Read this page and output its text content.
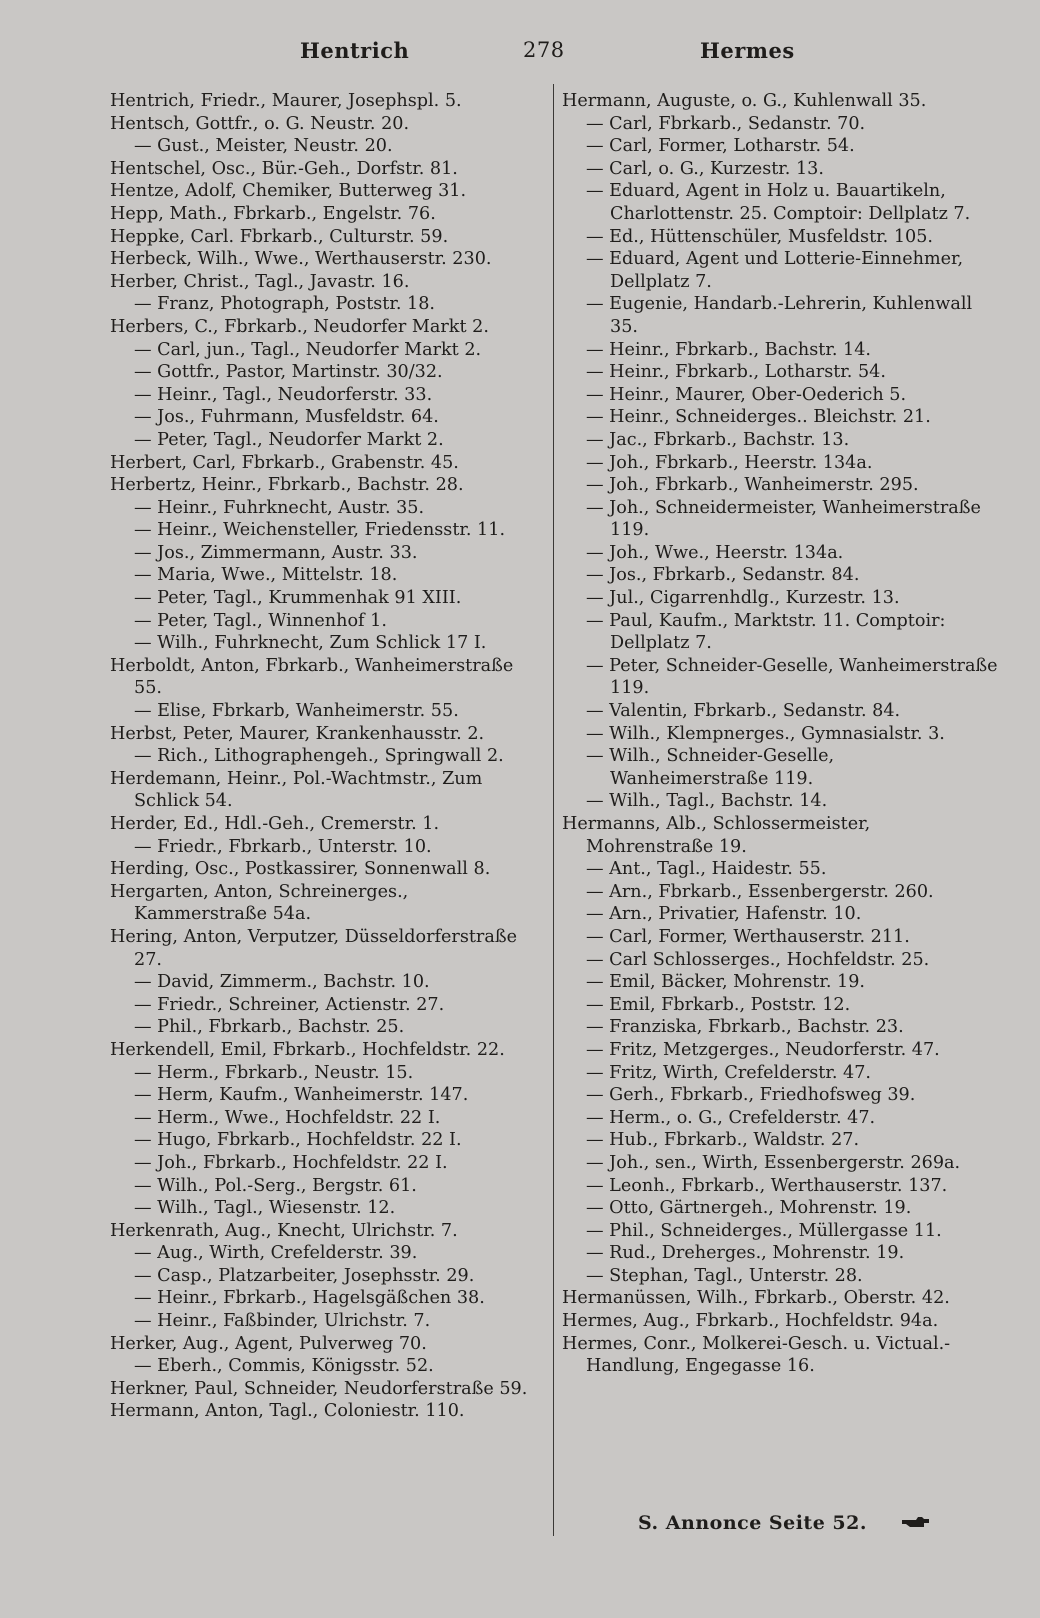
Hentrich	278	Hermes
Hentrich, Friedr., Maurer, Josephspl. 5.
Hentsch, Gottfr., o. G. Neustr. 20.
— Gust., Meister, Neustr. 20.
Hentschel, Osc., Bür.-Geh., Dorfstr. 81.
Hentze, Adolf, Chemiker, Butterweg 31.
Hepp, Math., Fbrkarb., Engelstr. 76.
Heppke, Carl. Fbrkarb., Culturstr. 59.
Herbeck, Wilh., Wwe., Werthauserstr. 230.
Herber, Christ., Tagl., Javastr. 16.
— Franz, Photograph, Poststr. 18.
Herbers, C., Fbrkarb., Neudorfer Markt 2.
— Carl, jun., Tagl., Neudorfer Markt 2.
— Gottfr., Pastor, Martinstr. 30/32.
— Heinr., Tagl., Neudorferstr. 33.
— Jos., Fuhrmann, Musfeldstr. 64.
— Peter, Tagl., Neudorfer Markt 2.
Herbert, Carl, Fbrkarb., Grabenstr. 45.
Herbertz, Heinr., Fbrkarb., Bachstr. 28.
— Heinr., Fuhrknecht, Austr. 35.
— Heinr., Weichensteller, Friedensstr. 11.
— Jos., Zimmermann, Austr. 33.
— Maria, Wwe., Mittelstr. 18.
— Peter, Tagl., Krummenhak 91 XIII.
— Peter, Tagl., Winnenhof 1.
— Wilh., Fuhrknecht, Zum Schlick 17 I.
Herboldt, Anton, Fbrkarb., Wanheimerstraße 55.
— Elise, Fbrkarb, Wanheimerstr. 55.
Herbst, Peter, Maurer, Krankenhausstr. 2.
— Rich., Lithographengeh., Springwall 2.
Herdemann, Heinr., Pol.-Wachtmstr., Zum Schlick 54.
Herder, Ed., Hdl.-Geh., Cremerstr. 1.
— Friedr., Fbrkarb., Unterstr. 10.
Herding, Osc., Postkassirer, Sonnenwall 8.
Hergarten, Anton, Schreinerges., Kammerstraße 54a.
Hering, Anton, Verputzer, Düsseldorferstraße 27.
— David, Zimmerm., Bachstr. 10.
— Friedr., Schreiner, Actienstr. 27.
— Phil., Fbrkarb., Bachstr. 25.
Herkendell, Emil, Fbrkarb., Hochfeldstr. 22.
— Herm., Fbrkarb., Neustr. 15.
— Herm, Kaufm., Wanheimerstr. 147.
— Herm., Wwe., Hochfeldstr. 22 I.
— Hugo, Fbrkarb., Hochfeldstr. 22 I.
— Joh., Fbrkarb., Hochfeldstr. 22 I.
— Wilh., Pol.-Serg., Bergstr. 61.
— Wilh., Tagl., Wiesenstr. 12.
Herkenrath, Aug., Knecht, Ulrichstr. 7.
— Aug., Wirth, Crefelderstr. 39.
— Casp., Platzarbeiter, Josephsstr. 29.
— Heinr., Fbrkarb., Hagelsgäßchen 38.
— Heinr., Faßbinder, Ulrichstr. 7.
Herker, Aug., Agent, Pulverweg 70.
— Eberh., Commis, Königsstr. 52.
Herkner, Paul, Schneider, Neudorferstraße 59.
Hermann, Anton, Tagl., Coloniestr. 110.
Hermann, Auguste, o. G., Kuhlenwall 35.
— Carl, Fbrkarb., Sedanstr. 70.
— Carl, Former, Lotharstr. 54.
— Carl, o. G., Kurzestr. 13.
— Eduard, Agent in Holz u. Bauartikeln, Charlottenstr. 25. Comptoir: Dellplatz 7.
— Ed., Hüttenschüler, Musfeldstr. 105.
— Eduard, Agent und Lotterie-Einnehmer, Dellplatz 7.
— Eugenie, Handarb.-Lehrerin, Kuhlenwall 35.
— Heinr., Fbrkarb., Bachstr. 14.
— Heinr., Fbrkarb., Lotharstr. 54.
— Heinr., Maurer, Ober-Oederich 5.
— Heinr., Schneiderges.. Bleichstr. 21.
— Jac., Fbrkarb., Bachstr. 13.
— Joh., Fbrkarb., Heerstr. 134a.
— Joh., Fbrkarb., Wanheimerstr. 295.
— Joh., Schneidermeister, Wanheimerstraße 119.
— Joh., Wwe., Heerstr. 134a.
— Jos., Fbrkarb., Sedanstr. 84.
— Jul., Cigarrenhdlg., Kurzestr. 13.
— Paul, Kaufm., Marktstr. 11. Comptoir: Dellplatz 7.
— Peter, Schneider-Geselle, Wanheimerstraße 119.
— Valentin, Fbrkarb., Sedanstr. 84.
— Wilh., Klempnerges., Gymnasialstr. 3.
— Wilh., Schneider-Geselle, Wanheimerstraße 119.
— Wilh., Tagl., Bachstr. 14.
Hermanns, Alb., Schlossermeister, Mohrenstraße 19.
— Ant., Tagl., Haidestr. 55.
— Arn., Fbrkarb., Essenbergerstr. 260.
— Arn., Privatier, Hafenstr. 10.
— Carl, Former, Werthauserstr. 211.
— Carl Schlosserges., Hochfeldstr. 25.
— Emil, Bäcker, Mohrenstr. 19.
— Emil, Fbrkarb., Poststr. 12.
— Franziska, Fbrkarb., Bachstr. 23.
— Fritz, Metzgerges., Neudorferstr. 47.
— Fritz, Wirth, Crefelderstr. 47.
— Gerh., Fbrkarb., Friedhofsweg 39.
— Herm., o. G., Crefelderstr. 47.
— Hub., Fbrkarb., Waldstr. 27.
— Joh., sen., Wirth, Essenbergerstr. 269a.
— Leonh., Fbrkarb., Werthauserstr. 137.
— Otto, Gärtnergeh., Mohrenstr. 19.
— Phil., Schneiderges., Müllergasse 11.
— Rud., Dreherges., Mohrenstr. 19.
— Stephan, Tagl., Unterstr. 28.
Hermanüssen, Wilh., Fbrkarb., Oberstr. 42.
Hermes, Aug., Fbrkarb., Hochfeldstr. 94a.
Hermes, Conr., Molkerei-Gesch. u. Victual.-Handlung, Engegasse 16.
S. Annonce Seite 52.
